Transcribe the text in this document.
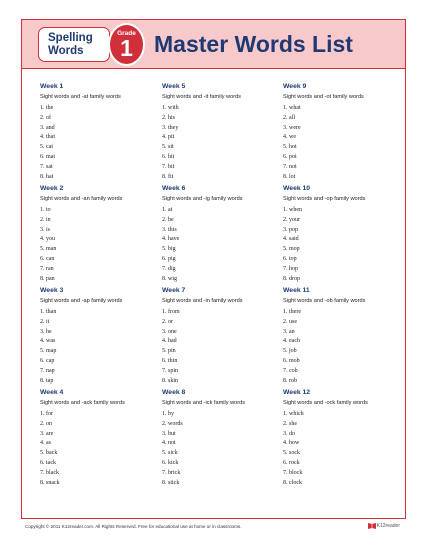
Spelling
Words
Grade
1 Master Words List
Week 1
Sight words and -at family words
1. the
2. of
3. and
4. that
5. cat
6. mat
7. sat
8. hat
Week 5
Sight words and -it family words
1. with
2. his
3. they
4. pit
5. sit
6. hit
7. bit
8. fit
Week 9
Sight words and -ot family words
1. what
2. all
3. were
4. we
5. hot
6. pot
7. not
8. lot
Week 2
Sight words and -an family words
1. to
2. in
3. is
4. you
5. man
6. can
7. ran
8. pan
Week 6
Sight words and -ig family words
1. at
2. be
3. this
4. have
5. big
6. pig
7. dig
8. wig
Week 10
Sight words and -op family words
1. when
2. your
3. pop
4. said
5. mop
6. top
7. hop
8. drop
Week 3
Sight words and -ap family words
1. than
2. it
3. he
4. was
5. map
6. cap
7. nap
8. tap
Week 7
Sight words and -in family words
1. from
2. or
3. one
4. had
5. pin
6. thin
7. spin
8. skin
Week 11
Sight words and -ob family words
1. there
2. use
3. an
4. each
5. job
6. mob
7. cob
8. rob
Week 4
Sight words and -ack family words
1. for
2. on
3. are
4. as
5. back
6. tack
7. black
8. snack
Week 8
Sight words and -ick family words
1. by
2. words
3. but
4. not
5. sick
6. kick
7. brick
8. stick
Week 12
Sight words and -ock family words
1. which
2. she
3. do
4. how
5. sock
6. rock
7. block
8. clock
Copyright © 2011 K12reader.com. All Rights Reserved. Free for educational use at home or in classrooms.	K12reader
